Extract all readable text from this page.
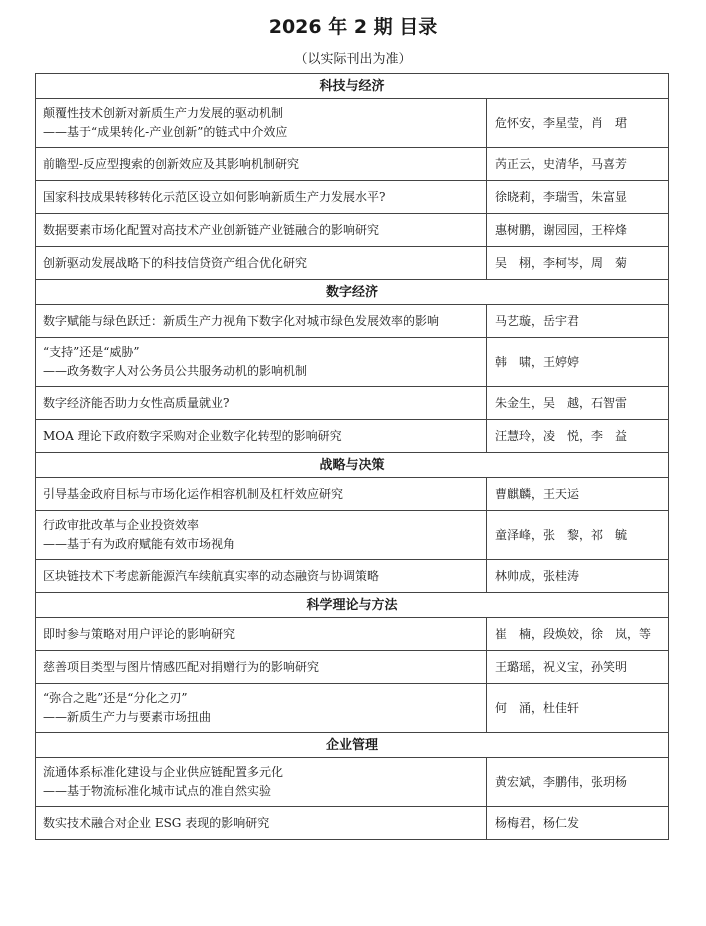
2026 年 2 期 目录
（以实际刊出为准）
科技与经济	

颠覆性技术创新对新质生产力发展的驱动机制
——基于“成果转化-产业创新”的链式中介效应	危怀安，李星莹，肖　珺

前瞻型-反应型搜索的创新效应及其影响机制研究	芮正云，史清华，马喜芳

国家科技成果转移转化示范区设立如何影响新质生产力发展水平?	徐晓莉，李瑞雪，朱富显

数据要素市场化配置对高技术产业创新链产业链融合的影响研究	惠树鹏，谢园园，王梓烽

创新驱动发展战略下的科技信贷资产组合优化研究	吴　栩，李柯岑，周　菊
数字经济	

数字赋能与绿色跃迁：新质生产力视角下数字化对城市绿色发展效率的影响	马艺璇，岳宇君

“支持”还是“威胁”
——政务数字人对公务员公共服务动机的影响机制	韩　啸，王婷婷

数字经济能否助力女性高质量就业?	朱金生，吴　越，石智雷

MOA 理论下政府数字采购对企业数字化转型的影响研究	汪慧玲，凌　悦，李　益
战略与决策	

引导基金政府目标与市场化运作相容机制及杠杆效应研究	曹麒麟，王天运

行政审批改革与企业投资效率
——基于有为政府赋能有效市场视角	童泽峰，张　黎，祁　毓

区块链技术下考虑新能源汽车续航真实率的动态融资与协调策略	林帅成，张桂涛
科学理论与方法	

即时参与策略对用户评论的影响研究	崔　楠，段焕姣，徐　岚，等

慈善项目类型与图片情感匹配对捐赠行为的影响研究	王璐瑶，祝义宝，孙笑明

“弥合之匙”还是“分化之刃”
——新质生产力与要素市场扭曲	何　涌，杜佳轩
企业管理	

流通体系标准化建设与企业供应链配置多元化
——基于物流标准化城市试点的准自然实验	黄宏斌，李鹏伟，张玥杨

数实技术融合对企业 ESG 表现的影响研究	杨梅君，杨仁发
